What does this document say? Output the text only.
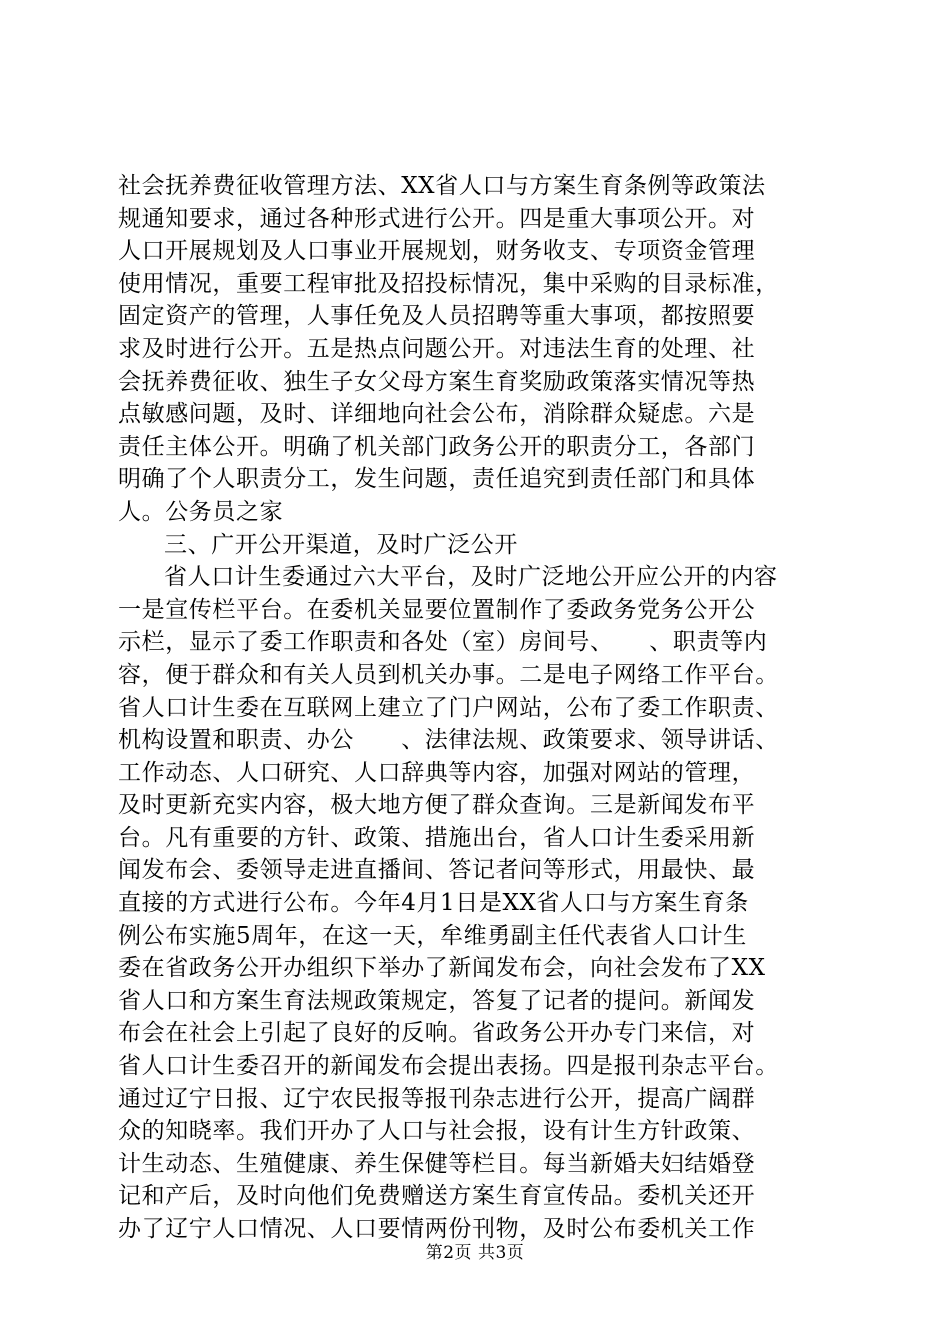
社会抚养费征收管理方法、XX省人口与方案生育条例等政策法
规通知要求，通过各种形式进行公开。四是重大事项公开。对
人口开展规划及人口事业开展规划，财务收支、专项资金管理
使用情况，重要工程审批及招投标情况，集中采购的目录标准，
固定资产的管理，人事任免及人员招聘等重大事项，都按照要
求及时进行公开。五是热点问题公开。对违法生育的处理、社
会抚养费征收、独生子女父母方案生育奖励政策落实情况等热
点敏感问题，及时、详细地向社会公布，消除群众疑虑。六是
责任主体公开。明确了机关部门政务公开的职责分工，各部门
明确了个人职责分工，发生问题，责任追究到责任部门和具体
人。公务员之家
三、广开公开渠道，及时广泛公开
省人口计生委通过六大平台，及时广泛地公开应公开的内容
一是宣传栏平台。在委机关显要位置制作了委政务党务公开公
示栏，显示了委工作职责和各处（室）房间号、　　、职责等内
容，便于群众和有关人员到机关办事。二是电子网络工作平台。
省人口计生委在互联网上建立了门户网站，公布了委工作职责、
机构设置和职责、办公　　、法律法规、政策要求、领导讲话、
工作动态、人口研究、人口辞典等内容，加强对网站的管理，
及时更新充实内容，极大地方便了群众查询。三是新闻发布平
台。凡有重要的方针、政策、措施出台，省人口计生委采用新
闻发布会、委领导走进直播间、答记者问等形式，用最快、最
直接的方式进行公布。今年4月1日是XX省人口与方案生育条
例公布实施5周年，在这一天，牟维勇副主任代表省人口计生
委在省政务公开办组织下举办了新闻发布会，向社会发布了XX
省人口和方案生育法规政策规定，答复了记者的提问。新闻发
布会在社会上引起了良好的反响。省政务公开办专门来信，对
省人口计生委召开的新闻发布会提出表扬。四是报刊杂志平台。
通过辽宁日报、辽宁农民报等报刊杂志进行公开，提高广阔群
众的知晓率。我们开办了人口与社会报，设有计生方针政策、
计生动态、生殖健康、养生保健等栏目。每当新婚夫妇结婚登
记和产后，及时向他们免费赠送方案生育宣传品。委机关还开
办了辽宁人口情况、人口要情两份刊物，及时公布委机关工作
第2页 共3页
